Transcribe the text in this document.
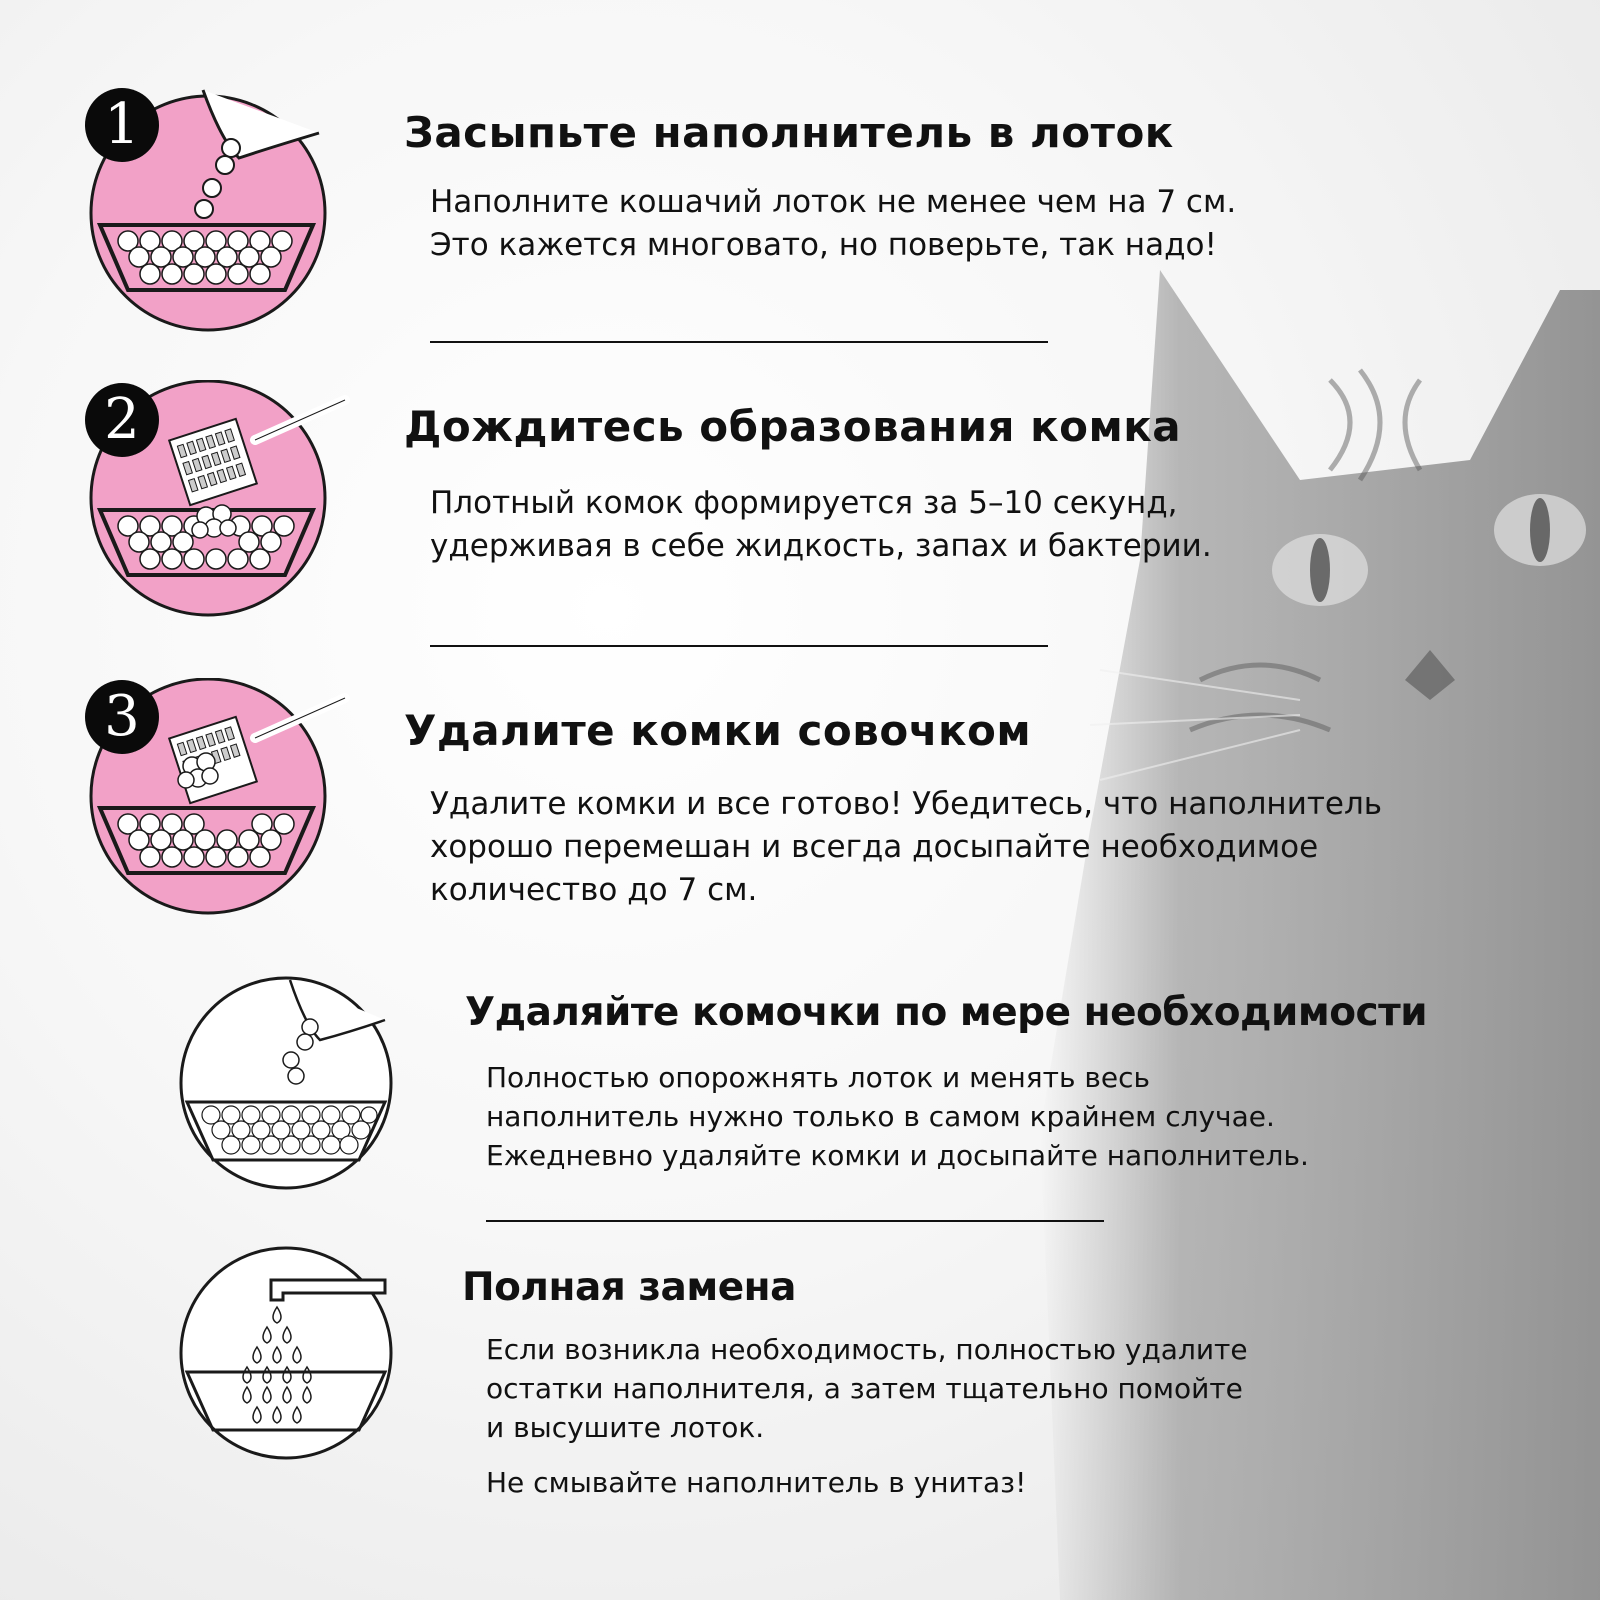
1
2
3
Засыпьте наполнитель в лоток

Наполните кошачий лоток не менее чем на 7 см.

Это кажется многовато, но поверьте, так надо!

Дождитесь образования комка

Плотный комок формируется за 5–10 секунд,

удерживая в себе жидкость, запах и бактерии.

Удалите комки совочком

Удалите комки и все готово! Убедитесь, что наполнитель

хорошо перемешан и всегда досыпайте необходимое

количество до 7 см.

Удаляйте комочки по мере необходимости

Полностью опорожнять лоток и менять весь

наполнитель нужно только в самом крайнем случае.

Ежедневно удаляйте комки и досыпайте наполнитель.

Полная замена

Если возникла необходимость, полностью удалите

остатки наполнителя, а затем тщательно помойте

и высушите лоток.

Не смывайте наполнитель в унитаз!
